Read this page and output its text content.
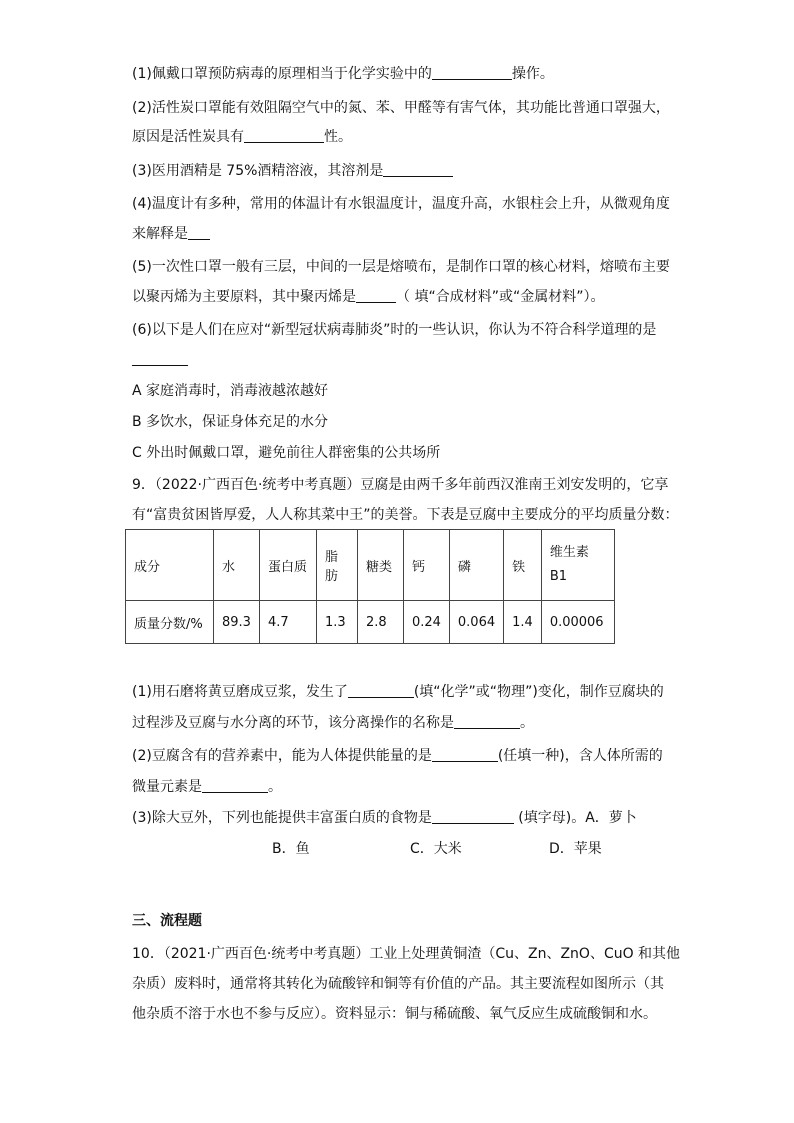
(1)佩戴口罩预防病毒的原理相当于化学实验中的	操作。
(2)活性炭口罩能有效阻隔空气中的氮、苯、甲醛等有害气体，其功能比普通口罩强大，
原因是活性炭具有	性。
(3)医用酒精是 75%酒精溶液，其溶剂是
(4)温度计有多种，常用的体温计有水银温度计，温度升高，水银柱会上升，从微观角度
来解释是
(5)一次性口罩一般有三层，中间的一层是熔喷布，是制作口罩的核心材料，熔喷布主要
以聚丙烯为主要原料，其中聚丙烯是	（ 填“合成材料”或“金属材料”）。
(6)以下是人们在应对“新型冠状病毒肺炎”时的一些认识，你认为不符合科学道理的是
A 家庭消毒时，消毒液越浓越好
B 多饮水，保证身体充足的水分
C 外出时佩戴口罩，避免前往人群密集的公共场所
9．（2022·广西百色·统考中考真题）豆腐是由两千多年前西汉淮南王刘安发明的，它享
有“富贵贫困皆厚爱，人人称其菜中王”的美誉。下表是豆腐中主要成分的平均质量分数：
成分	水	蛋白质	脂肪	糖类	钙	磷	铁	维生素
B1
质量分数/%	89.3	4.7	1.3	2.8	0.24	0.064	1.4	0.00006
(1)用石磨将黄豆磨成豆浆，发生了	(填“化学”或“物理”)变化，制作豆腐块的
过程涉及豆腐与水分离的环节，该分离操作的名称是	。
(2)豆腐含有的营养素中，能为人体提供能量的是	(任填一种)，含人体所需的
微量元素是	。
(3)除大豆外，下列也能提供丰富蛋白质的食物是	(填字母)。A．萝卜
B．鱼	C．大米	D．苹果
三、流程题
10．（2021·广西百色·统考中考真题）工业上处理黄铜渣（Cu、Zn、ZnO、CuO 和其他
杂质）废料时，通常将其转化为硫酸锌和铜等有价值的产品。其主要流程如图所示（其
他杂质不溶于水也不参与反应）。资料显示：铜与稀硫酸、氧气反应生成硫酸铜和水。
